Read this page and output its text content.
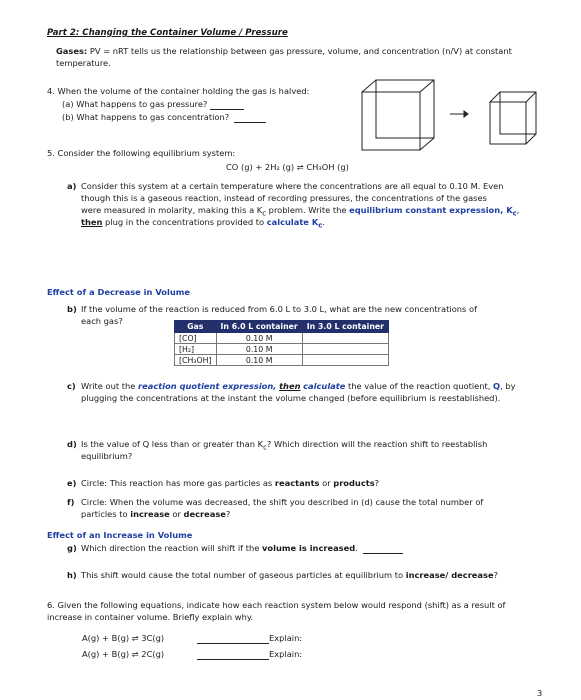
Part 2: Changing the Container Volume / Pressure
Gases: PV = nRT tells us the relationship between gas pressure, volume, and concentration (n/V) at constant
temperature.
4. When the volume of the container holding the gas is halved:
(a) What happens to gas pressure?
(b) What happens to gas concentration?
5. Consider the following equilibrium system:
CO (g) + 2H₂ (g) ⇌ CH₃OH (g)
a) Consider this system at a certain temperature where the concentrations are all equal to 0.10 M. Even
though this is a gaseous reaction, instead of recording pressures, the concentrations of the gases
were measured in molarity, making this a $K_c$ problem. Write the equilibrium constant expression, $K_c$,
then plug in the concentrations provided to calculate $K_c$.
Effect of a Decrease in Volume
b) If the volume of the reaction is reduced from 6.0 L to 3.0 L, what are the new concentrations of
each gas?
Gas	In 6.0 L container	In 3.0 L container
[CO]	0.10 M	
[H₂]	0.10 M	
[CH₃OH]	0.10 M	
c) Write out the reaction quotient expression, then calculate the value of the reaction quotient, Q, by
plugging the concentrations at the instant the volume changed (before equilibrium is reestablished).
d) Is the value of Q less than or greater than $K_c$? Which direction will the reaction shift to reestablish
equilibrium?
e) Circle: This reaction has more gas particles as reactants or products?
f) Circle: When the volume was decreased, the shift you described in (d) cause the total number of
particles to increase or decrease?
Effect of an Increase in Volume
g) Which direction the reaction will shift if the volume is increased.
h) This shift would cause the total number of gaseous particles at equilibrium to increase/ decrease?
6. Given the following equations, indicate how each reaction system below would respond (shift) as a result of
increase in container volume. Briefly explain why.
A(g) + B(g) ⇌ 3C(g)	Explain:
A(g) + B(g) ⇌ 2C(g)	Explain:
3
